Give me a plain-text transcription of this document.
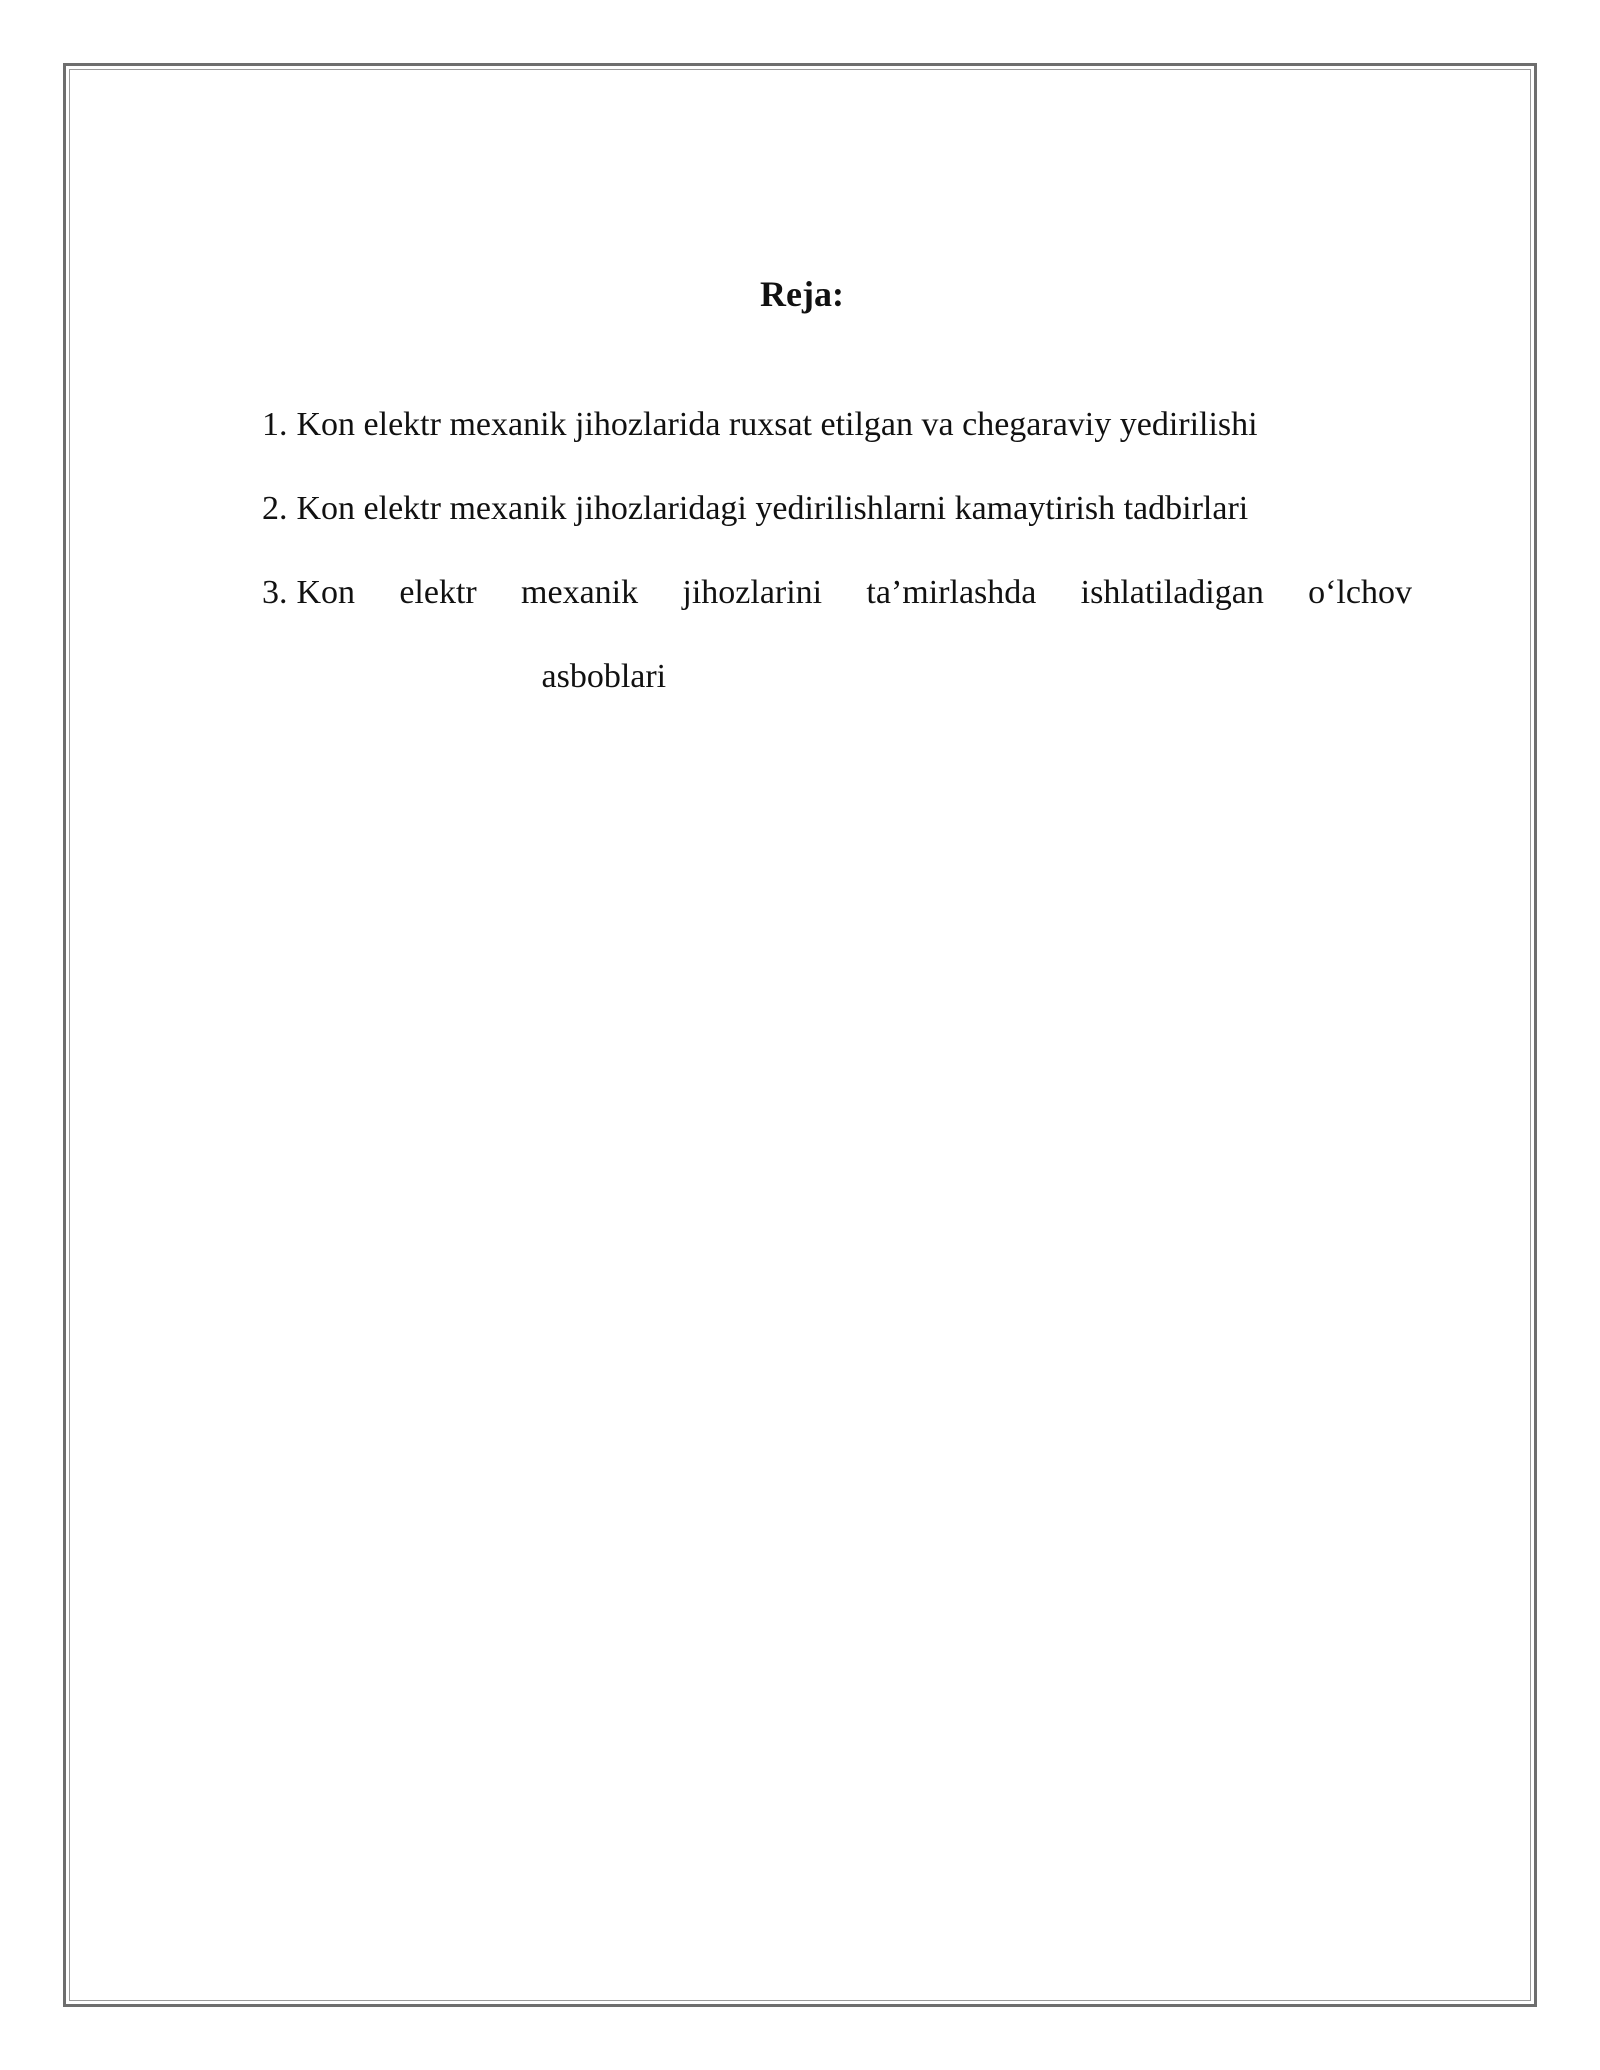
Reja:
1. Kon elektr mexanik jihozlarida ruxsat etilgan va chegaraviy yedirilishi
2. Kon elektr mexanik jihozlaridagi yedirilishlarni kamaytirish tadbirlari
3. Kon elektr mexanik jihozlarini ta’mirlashda ishlatiladigan o‘lchov
asboblari
